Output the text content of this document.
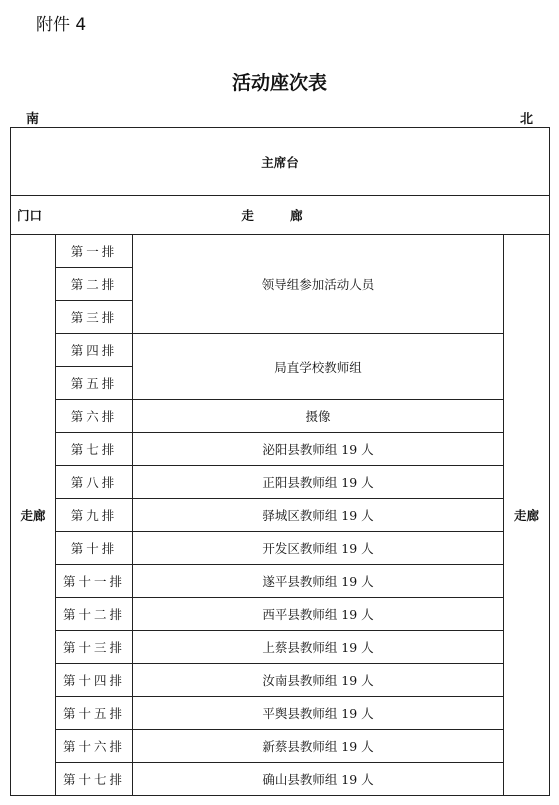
附件 4
活动座次表
南	北
主席台			

门口 走 廊			
走廊	第一排	领导组参加活动人员	走廊
	第二排		
	第三排		
	第四排	局直学校教师组	
	第五排		
	第六排	摄像	
	第七排	泌阳县教师组 19 人	
	第八排	正阳县教师组 19 人	
	第九排	驿城区教师组 19 人	
	第十排	开发区教师组 19 人	
	第十一排	遂平县教师组 19 人	
	第十二排	西平县教师组 19 人	
	第十三排	上蔡县教师组 19 人	
	第十四排	汝南县教师组 19 人	
	第十五排	平舆县教师组 19 人	
	第十六排	新蔡县教师组 19 人	
	第十七排	确山县教师组 19 人	
